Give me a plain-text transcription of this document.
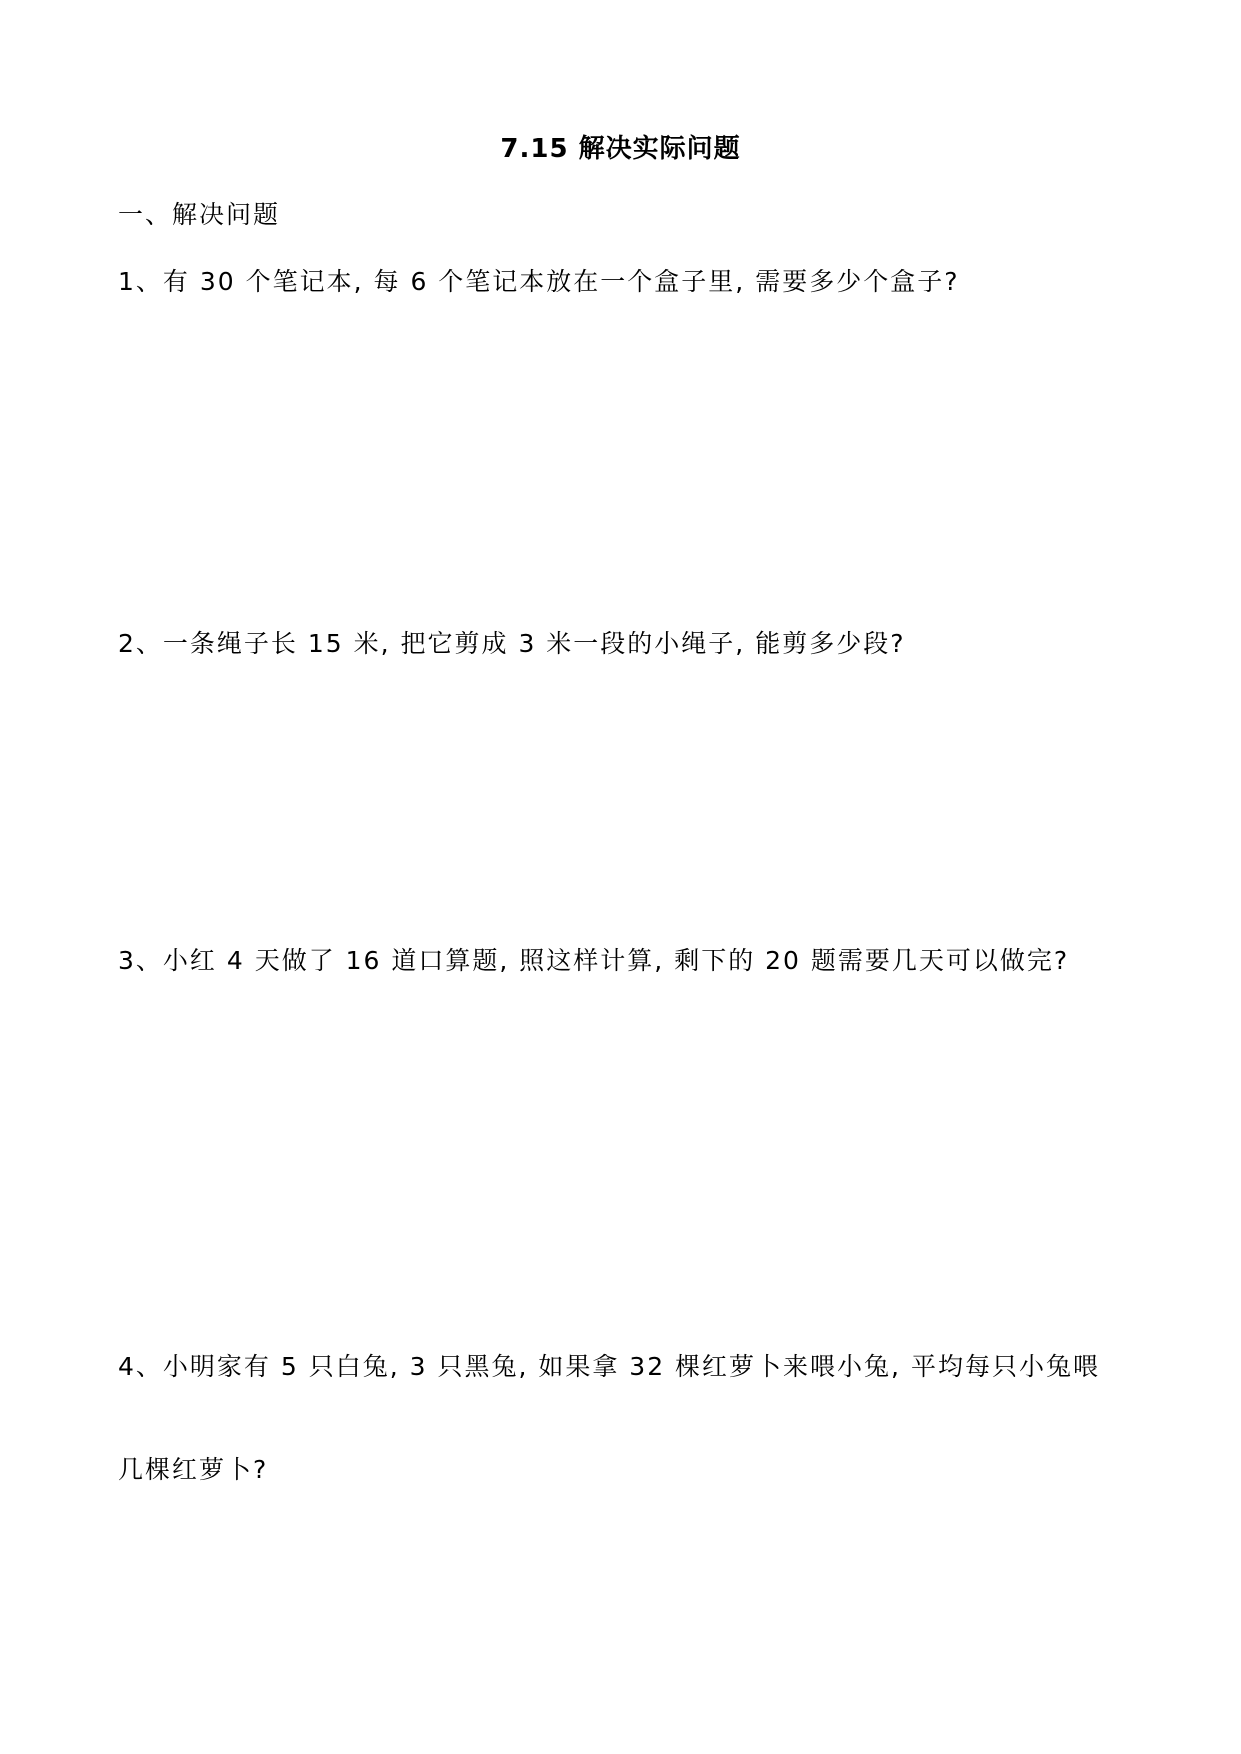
7.15 解决实际问题
一、解决问题
1、有 30 个笔记本, 每 6 个笔记本放在一个盒子里, 需要多少个盒子?
2、一条绳子长 15 米, 把它剪成 3 米一段的小绳子, 能剪多少段?
3、小红 4 天做了 16 道口算题, 照这样计算, 剩下的 20 题需要几天可以做完?
4、小明家有 5 只白兔, 3 只黑兔, 如果拿 32 棵红萝卜来喂小兔, 平均每只小兔喂
几棵红萝卜?
